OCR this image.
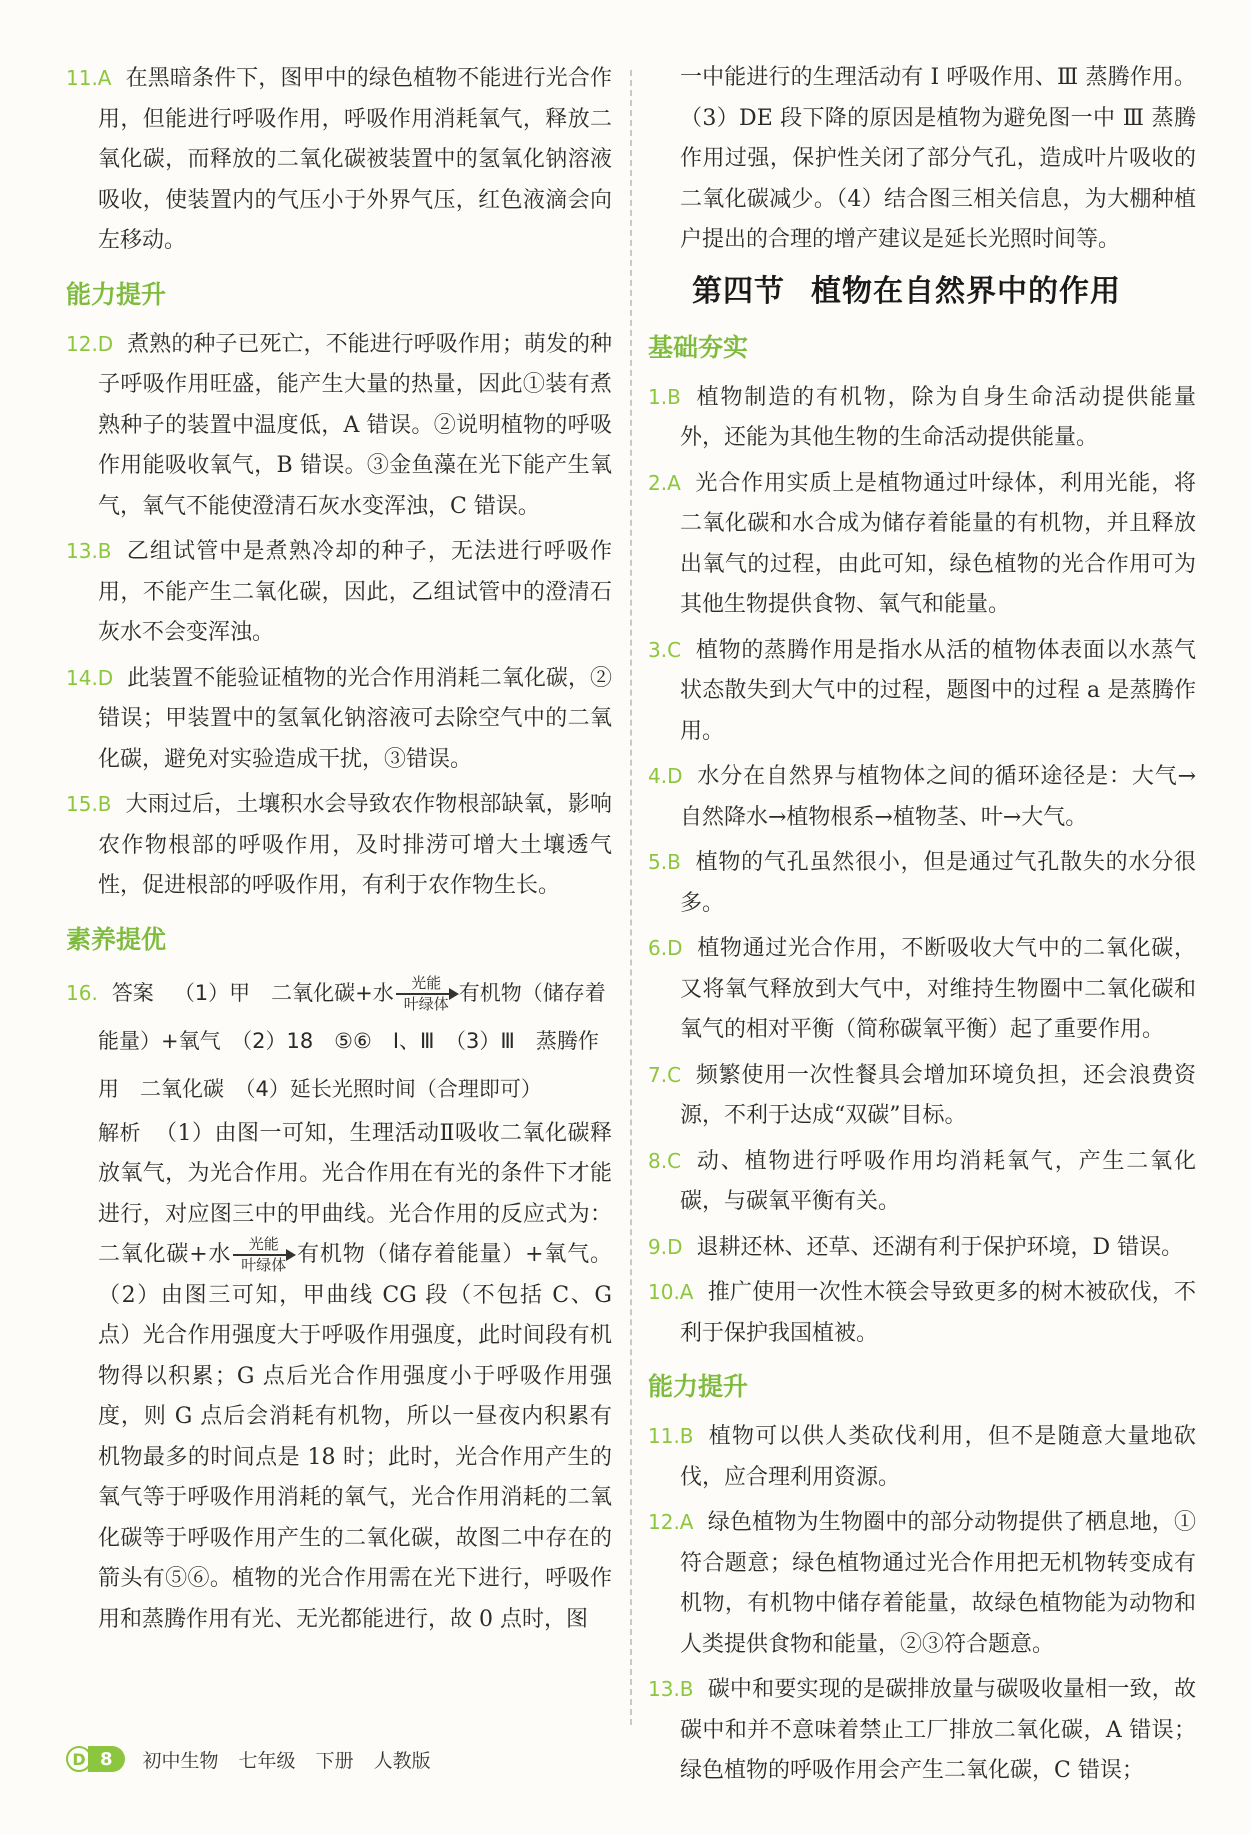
11.A 在黑暗条件下，图甲中的绿色植物不能进行光合作用，但能进行呼吸作用，呼吸作用消耗氧气，释放二氧化碳，而释放的二氧化碳被装置中的氢氧化钠溶液吸收，使装置内的气压小于外界气压，红色液滴会向左移动。

能力提升

12.D 煮熟的种子已死亡，不能进行呼吸作用；萌发的种子呼吸作用旺盛，能产生大量的热量，因此①装有煮熟种子的装置中温度低，A 错误。②说明植物的呼吸作用能吸收氧气，B 错误。③金鱼藻在光下能产生氧气，氧气不能使澄清石灰水变浑浊，C 错误。

13.B 乙组试管中是煮熟冷却的种子，无法进行呼吸作用，不能产生二氧化碳，因此，乙组试管中的澄清石灰水不会变浑浊。

14.D 此装置不能验证植物的光合作用消耗二氧化碳，②错误；甲装置中的氢氧化钠溶液可去除空气中的二氧化碳，避免对实验造成干扰，③错误。

15.B 大雨过后，土壤积水会导致农作物根部缺氧，影响农作物根部的呼吸作用，及时排涝可增大土壤透气性，促进根部的呼吸作用，有利于农作物生长。

素养提优

16. 答案 （1）甲　二氧化碳+水	光能
叶绿体 有机物（储存着能量）+氧气　（2）18　⑤⑥　Ⅰ、Ⅲ　（3）Ⅲ　蒸腾作用　二氧化碳　（4）延长光照时间（合理即可）

解析 （1）由图一可知，生理活动Ⅱ吸收二氧化碳释放氧气，为光合作用。光合作用在有光的条件下才能进行，对应图三中的甲曲线。光合作用的反应式为：二氧化碳+水	光能
叶绿体 有机物（储存着能量）+氧气。（2）由图三可知，甲曲线 CG 段（不包括 C、G 点）光合作用强度大于呼吸作用强度，此时间段有机物得以积累；G 点后光合作用强度小于呼吸作用强度，则 G 点后会消耗有机物，所以一昼夜内积累有机物最多的时间点是 18 时；此时，光合作用产生的氧气等于呼吸作用消耗的氧气，光合作用消耗的二氧化碳等于呼吸作用产生的二氧化碳，故图二中存在的箭头有⑤⑥。植物的光合作用需在光下进行，呼吸作用和蒸腾作用有光、无光都能进行，故 0 点时，图

一中能进行的生理活动有 Ⅰ 呼吸作用、Ⅲ 蒸腾作用。（3）DE 段下降的原因是植物为避免图一中 Ⅲ 蒸腾作用过强，保护性关闭了部分气孔，造成叶片吸收的二氧化碳减少。（4）结合图三相关信息，为大棚种植户提出的合理的增产建议是延长光照时间等。

第四节 植物在自然界中的作用
基础夯实

1.B 植物制造的有机物，除为自身生命活动提供能量外，还能为其他生物的生命活动提供能量。

2.A 光合作用实质上是植物通过叶绿体，利用光能，将二氧化碳和水合成为储存着能量的有机物，并且释放出氧气的过程，由此可知，绿色植物的光合作用可为其他生物提供食物、氧气和能量。

3.C 植物的蒸腾作用是指水从活的植物体表面以水蒸气状态散失到大气中的过程，题图中的过程 a 是蒸腾作用。

4.D 水分在自然界与植物体之间的循环途径是：大气→自然降水→植物根系→植物茎、叶→大气。

5.B 植物的气孔虽然很小，但是通过气孔散失的水分很多。

6.D 植物通过光合作用，不断吸收大气中的二氧化碳，又将氧气释放到大气中，对维持生物圈中二氧化碳和氧气的相对平衡（简称碳氧平衡）起了重要作用。

7.C 频繁使用一次性餐具会增加环境负担，还会浪费资源，不利于达成“双碳”目标。

8.C 动、植物进行呼吸作用均消耗氧气，产生二氧化碳，与碳氧平衡有关。

9.D 退耕还林、还草、还湖有利于保护环境，D 错误。

10.A 推广使用一次性木筷会导致更多的树木被砍伐，不利于保护我国植被。

能力提升

11.B 植物可以供人类砍伐利用，但不是随意大量地砍伐，应合理利用资源。

12.A 绿色植物为生物圈中的部分动物提供了栖息地，①符合题意；绿色植物通过光合作用把无机物转变成有机物，有机物中储存着能量，故绿色植物能为动物和人类提供食物和能量，②③符合题意。

13.B 碳中和要实现的是碳排放量与碳吸收量相一致，故碳中和并不意味着禁止工厂排放二氧化碳，A 错误；绿色植物的呼吸作用会产生二氧化碳，C 错误；

D 8	初中生物 七年级 下册 人教版
